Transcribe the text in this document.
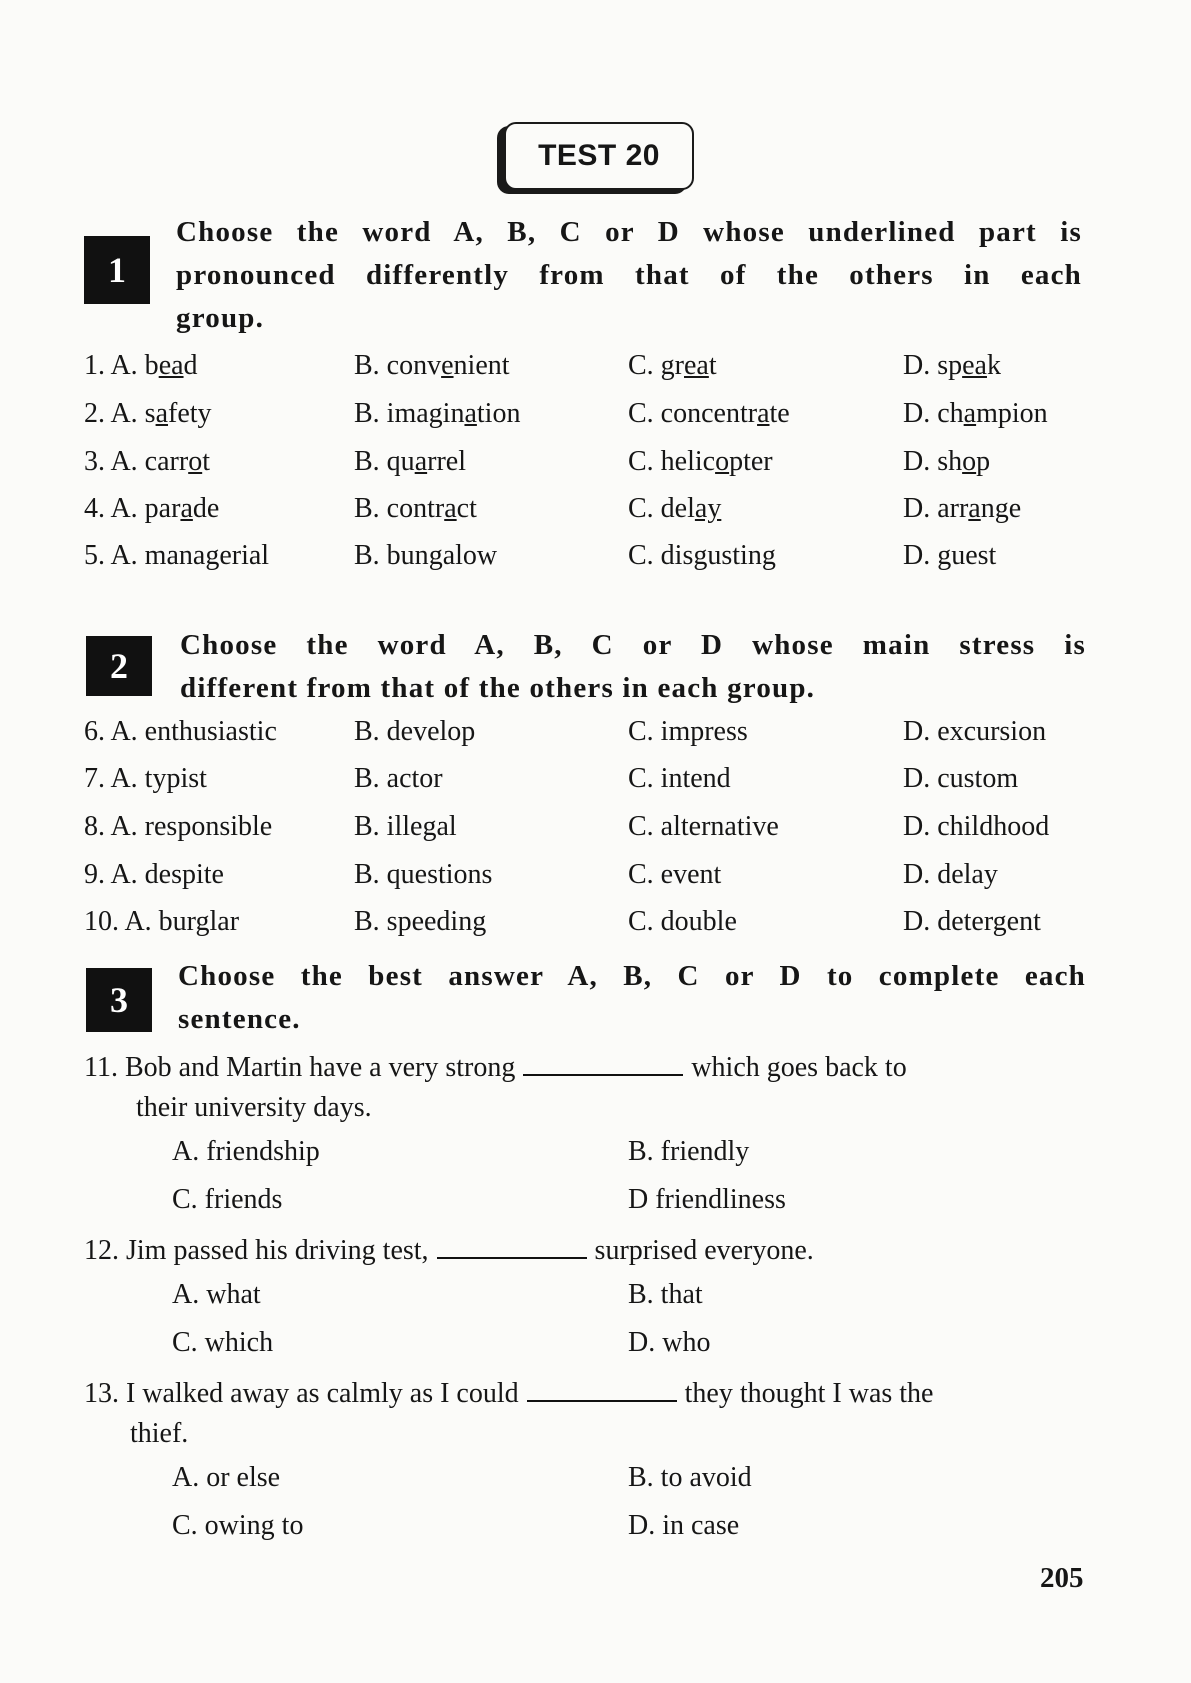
TEST 20
1
Choose the word A, B, C or D whose underlined part is
pronounced differently from that of the others in each
group.
1. A. bead	B. convenient	C. great	D. speak
2. A. safety	B. imagination	C. concentrate	D. champion
3. A. carrot	B. quarrel	C. helicopter	D. shop
4. A. parade	B. contract	C. delay	D. arrange
5. A. managerial	B. bungalow	C. disgusting	D. guest
2
Choose the word A, B, C or D whose main stress is
different from that of the others in each group.
6. A. enthusiastic	B. develop	C. impress	D. excursion
7. A. typist	B. actor	C. intend	D. custom
8. A. responsible	B. illegal	C. alternative	D. childhood
9. A. despite	B. questions	C. event	D. delay
10. A. burglar	B. speeding	C. double	D. detergent
3
Choose the best answer A, B, C or D to complete each
sentence.
11. Bob and Martin have a very strong	which goes back to
their university days.
A. friendship	B. friendly
C. friends	D friendliness
12. Jim passed his driving test,	surprised everyone.
A. what	B. that
C. which	D. who
13. I walked away as calmly as I could	they thought I was the
thief.
A. or else	B. to avoid
C. owing to	D. in case
205
